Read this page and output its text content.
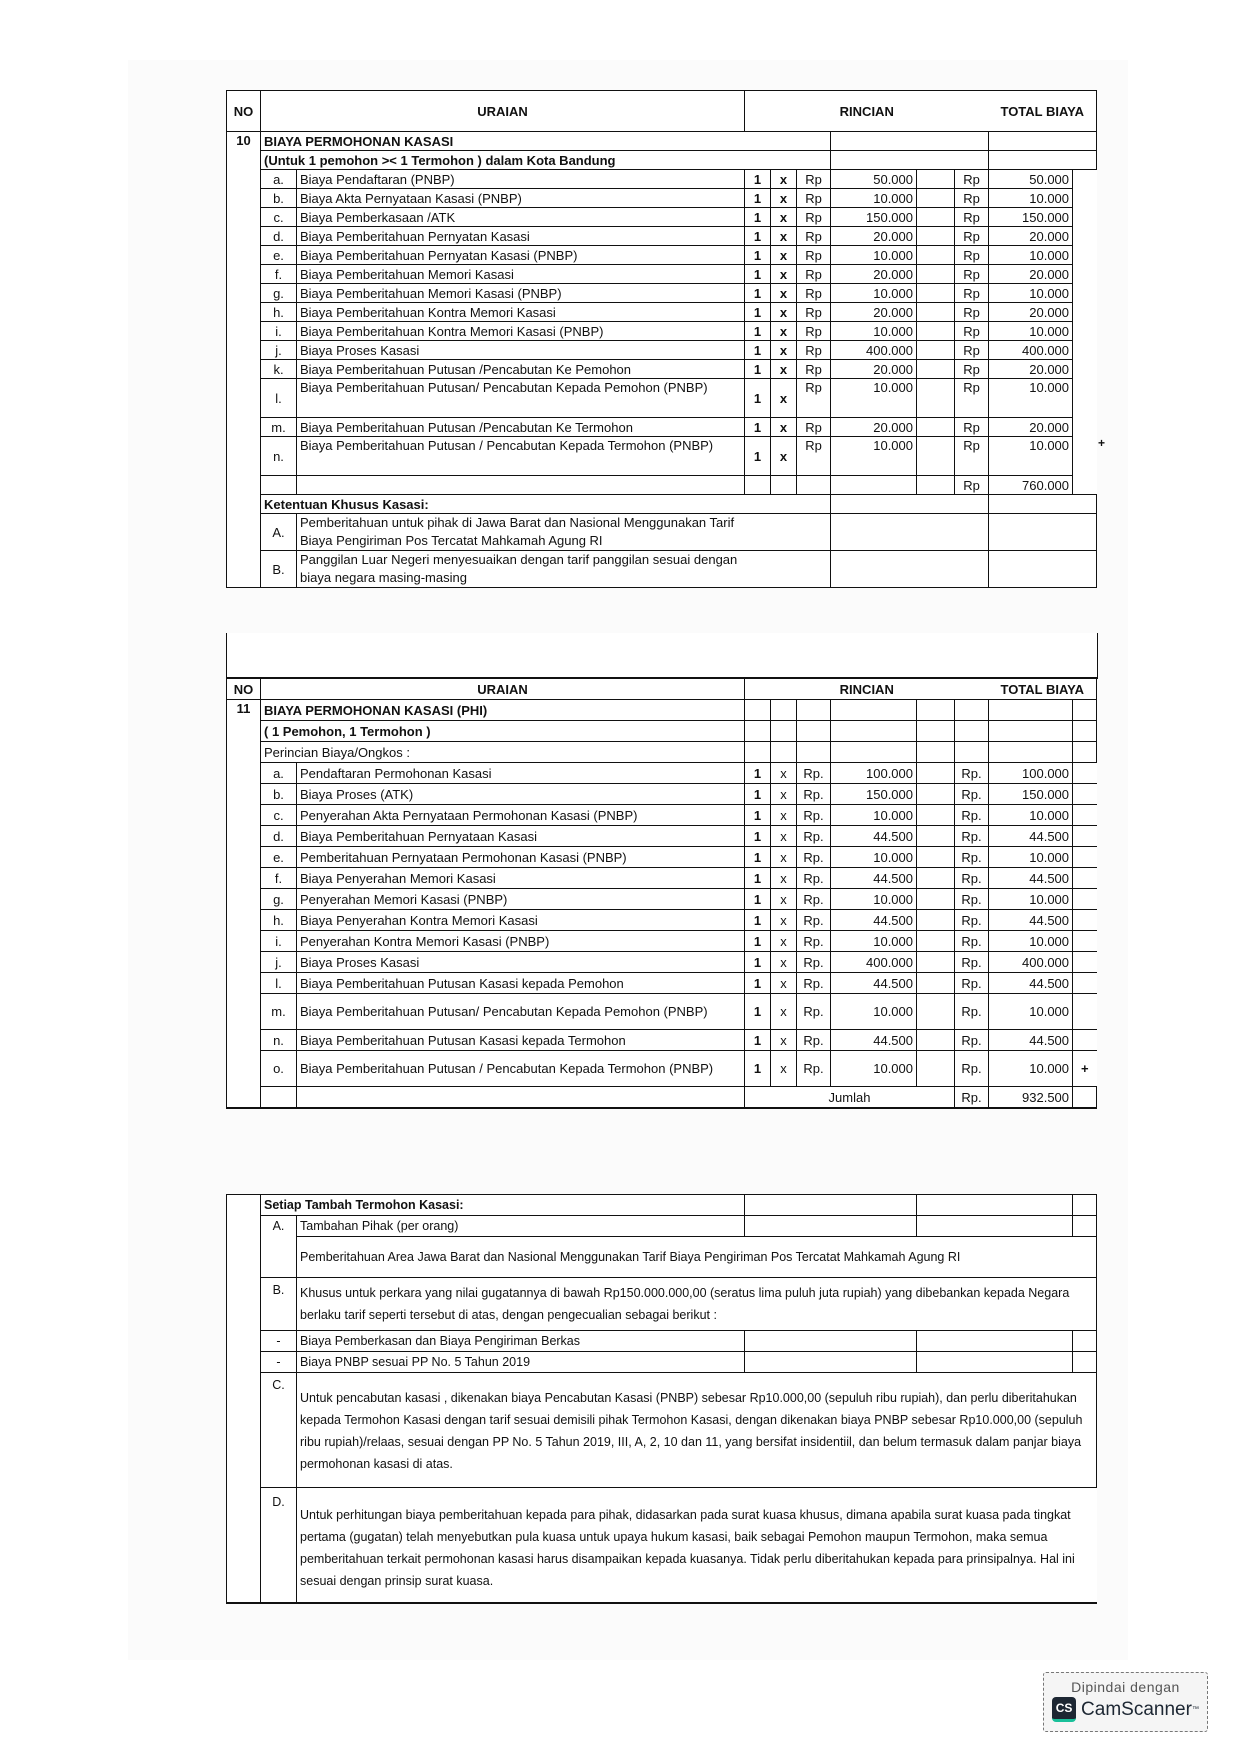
NO	URAIAN		RINCIAN						TOTAL BIAYA	
10	BIAYA PERMOHONAN KASASI									
	(Untuk 1 pemohon >< 1 Termohon ) dalam Kota Bandung									
	a.	Biaya Pendaftaran (PNBP)	1	x	Rp	50.000		Rp	50.000	
	b.	Biaya Akta Pernyataan Kasasi (PNBP)	1	x	Rp	10.000		Rp	10.000	
	c.	Biaya Pemberkasaan /ATK	1	x	Rp	150.000		Rp	150.000	
	d.	Biaya Pemberitahuan Pernyatan Kasasi	1	x	Rp	20.000		Rp	20.000	
	e.	Biaya Pemberitahuan Pernyatan Kasasi (PNBP)	1	x	Rp	10.000		Rp	10.000	
	f.	Biaya Pemberitahuan Memori Kasasi	1	x	Rp	20.000		Rp	20.000	
	g.	Biaya Pemberitahuan Memori Kasasi (PNBP)	1	x	Rp	10.000		Rp	10.000	
	h.	Biaya Pemberitahuan Kontra Memori Kasasi	1	x	Rp	20.000		Rp	20.000	
	i.	Biaya Pemberitahuan Kontra Memori Kasasi (PNBP)	1	x	Rp	10.000		Rp	10.000	
	j.	Biaya Proses Kasasi	1	x	Rp	400.000		Rp	400.000	
	k.	Biaya Pemberitahuan Putusan /Pencabutan Ke Pemohon	1	x	Rp	20.000		Rp	20.000	
	l.	Biaya Pemberitahuan Putusan/ Pencabutan Kepada Pemohon (PNBP)	1	x	Rp	10.000		Rp	10.000	
	m.	Biaya Pemberitahuan Putusan /Pencabutan Ke Termohon	1	x	Rp	20.000		Rp	20.000	
	n.	Biaya Pemberitahuan Putusan / Pencabutan Kepada Termohon (PNBP)	1	x	Rp	10.000		Rp	10.000	
								Rp	760.000	
	Ketentuan Khusus Kasasi:									
	A.	Pemberitahuan untuk pihak di Jawa Barat dan Nasional Menggunakan Tarif
Biaya Pengiriman Pos Tercatat Mahkamah Agung RI								

	B.	Panggilan Luar Negeri menyesuaikan dengan tarif panggilan sesuai dengan
biaya negara masing-masing								

+
NO	URAIAN		RINCIAN						TOTAL BIAYA	
11	BIAYA PERMOHONAN KASASI (PHI)									
	( 1 Pemohon, 1 Termohon )									
	Perincian Biaya/Ongkos :									
	a.	Pendaftaran Permohonan Kasasi	1	x	Rp.	100.000		Rp.	100.000	
	b.	Biaya Proses (ATK)	1	x	Rp.	150.000		Rp.	150.000	
	c.	Penyerahan Akta Pernyataan Permohonan Kasasi (PNBP)	1	x	Rp.	10.000		Rp.	10.000	
	d.	Biaya Pemberitahuan Pernyataan Kasasi	1	x	Rp.	44.500		Rp.	44.500	
	e.	Pemberitahuan Pernyataan Permohonan Kasasi (PNBP)	1	x	Rp.	10.000		Rp.	10.000	
	f.	Biaya Penyerahan Memori Kasasi	1	x	Rp.	44.500		Rp.	44.500	
	g.	Penyerahan Memori Kasasi (PNBP)	1	x	Rp.	10.000		Rp.	10.000	
	h.	Biaya Penyerahan Kontra Memori Kasasi	1	x	Rp.	44.500		Rp.	44.500	
	i.	Penyerahan Kontra Memori Kasasi (PNBP)	1	x	Rp.	10.000		Rp.	10.000	
	j.	Biaya Proses Kasasi	1	x	Rp.	400.000		Rp.	400.000	
	l.	Biaya Pemberitahuan Putusan Kasasi kepada Pemohon	1	x	Rp.	44.500		Rp.	44.500	
	m.	Biaya Pemberitahuan Putusan/ Pencabutan Kepada Pemohon (PNBP)	1	x	Rp.	10.000		Rp.	10.000	
	n.	Biaya Pemberitahuan Putusan Kasasi kepada Termohon	1	x	Rp.	44.500		Rp.	44.500	
	o.	Biaya Pemberitahuan Putusan / Pencabutan Kepada Termohon (PNBP)	1	x	Rp.	10.000		Rp.	10.000	+
			Jumlah					Rp.	932.500	
	Setiap Tambah Termohon Kasasi:				
	A.	Tambahan Pihak (per orang)			
		Pemberitahuan Area Jawa Barat dan Nasional Menggunakan Tarif Biaya Pengiriman Pos Tercatat Mahkamah Agung RI			
	B.	Khusus untuk perkara yang nilai gugatannya di bawah Rp150.000.000,00 (seratus lima puluh juta rupiah) yang dibebankan kepada Negara berlaku tarif seperti tersebut di atas, dengan pengecualian sebagai berikut :			
	-	Biaya Pemberkasan dan Biaya Pengiriman Berkas			
	-	Biaya PNBP sesuai PP No. 5 Tahun 2019			
	C.	Untuk pencabutan kasasi , dikenakan biaya Pencabutan Kasasi (PNBP) sebesar Rp10.000,00 (sepuluh ribu rupiah), dan perlu diberitahukan kepada Termohon Kasasi dengan tarif sesuai demisili pihak Termohon Kasasi, dengan dikenakan biaya PNBP sebesar Rp10.000,00 (sepuluh ribu rupiah)/relaas, sesuai dengan PP No. 5 Tahun 2019, III, A, 2, 10 dan 11, yang bersifat insidentiil, dan belum termasuk dalam panjar biaya permohonan kasasi di atas.			
	D.	Untuk perhitungan biaya pemberitahuan kepada para pihak, didasarkan pada surat kuasa khusus, dimana apabila surat kuasa pada tingkat pertama (gugatan) telah menyebutkan pula kuasa untuk upaya hukum kasasi, baik sebagai Pemohon maupun Termohon, maka semua pemberitahuan terkait permohonan kasasi harus disampaikan kepada kuasanya. Tidak perlu diberitahukan kepada para prinsipalnya. Hal ini sesuai dengan prinsip surat kuasa.			
Dipindai dengan
CS CamScanner ™
